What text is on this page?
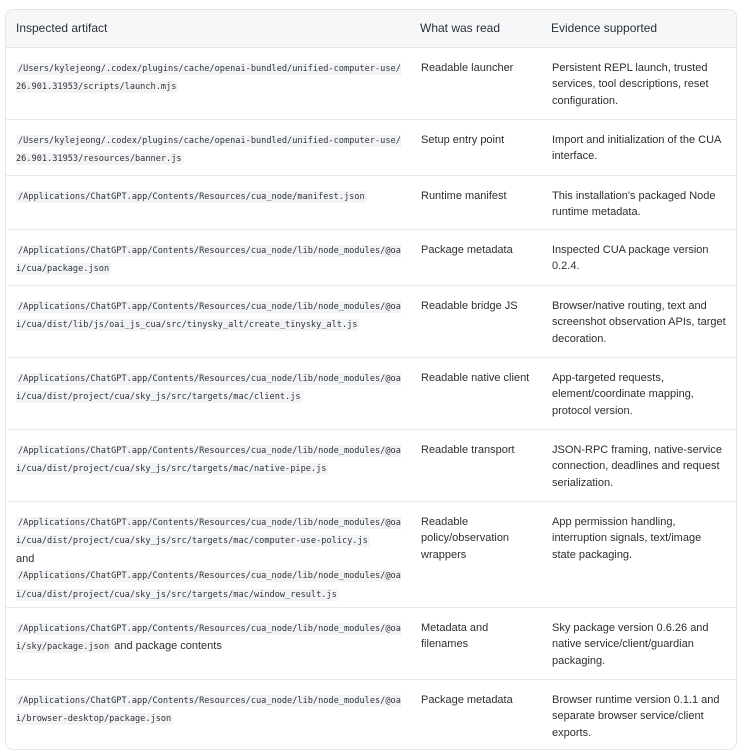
Inspected artifact	What was read	Evidence supported
/Users/kylejeong/.codex/plugins/cache/openai-bundled/unified-computer-use/26.901.31953/scripts/launch.mjs	Readable launcher	Persistent REPL launch, trusted services, tool descriptions, reset configuration.
/Users/kylejeong/.codex/plugins/cache/openai-bundled/unified-computer-use/26.901.31953/resources/banner.js	Setup entry point	Import and initialization of the CUA interface.
/Applications/ChatGPT.app/Contents/Resources/cua_node/manifest.json	Runtime manifest	This installation's packaged Node runtime metadata.
/Applications/ChatGPT.app/Contents/Resources/cua_node/lib/node_modules/@oai/cua/package.json	Package metadata	Inspected CUA package version 0.2.4.
/Applications/ChatGPT.app/Contents/Resources/cua_node/lib/node_modules/@oai/cua/dist/lib/js/oai_js_cua/src/tinysky_alt/create_tinysky_alt.js	Readable bridge JS	Browser/native routing, text and screenshot observation APIs, target decoration.
/Applications/ChatGPT.app/Contents/Resources/cua_node/lib/node_modules/@oai/cua/dist/project/cua/sky_js/src/targets/mac/client.js	Readable native client	App-targeted requests, element/coordinate mapping, protocol version.
/Applications/ChatGPT.app/Contents/Resources/cua_node/lib/node_modules/@oai/cua/dist/project/cua/sky_js/src/targets/mac/native-pipe.js	Readable transport	JSON-RPC framing, native-service connection, deadlines and request serialization.
/Applications/ChatGPT.app/Contents/Resources/cua_node/lib/node_modules/@oai/cua/dist/project/cua/sky_js/src/targets/mac/computer-use-policy.js
and
/Applications/ChatGPT.app/Contents/Resources/cua_node/lib/node_modules/@oai/cua/dist/project/cua/sky_js/src/targets/mac/window_result.js	Readable policy/observation wrappers	App permission handling, interruption signals, text/image state packaging.
/Applications/ChatGPT.app/Contents/Resources/cua_node/lib/node_modules/@oai/sky/package.json and package contents	Metadata and filenames	Sky package version 0.6.26 and native service/client/guardian packaging.
/Applications/ChatGPT.app/Contents/Resources/cua_node/lib/node_modules/@oai/browser-desktop/package.json	Package metadata	Browser runtime version 0.1.1 and separate browser service/client exports.
